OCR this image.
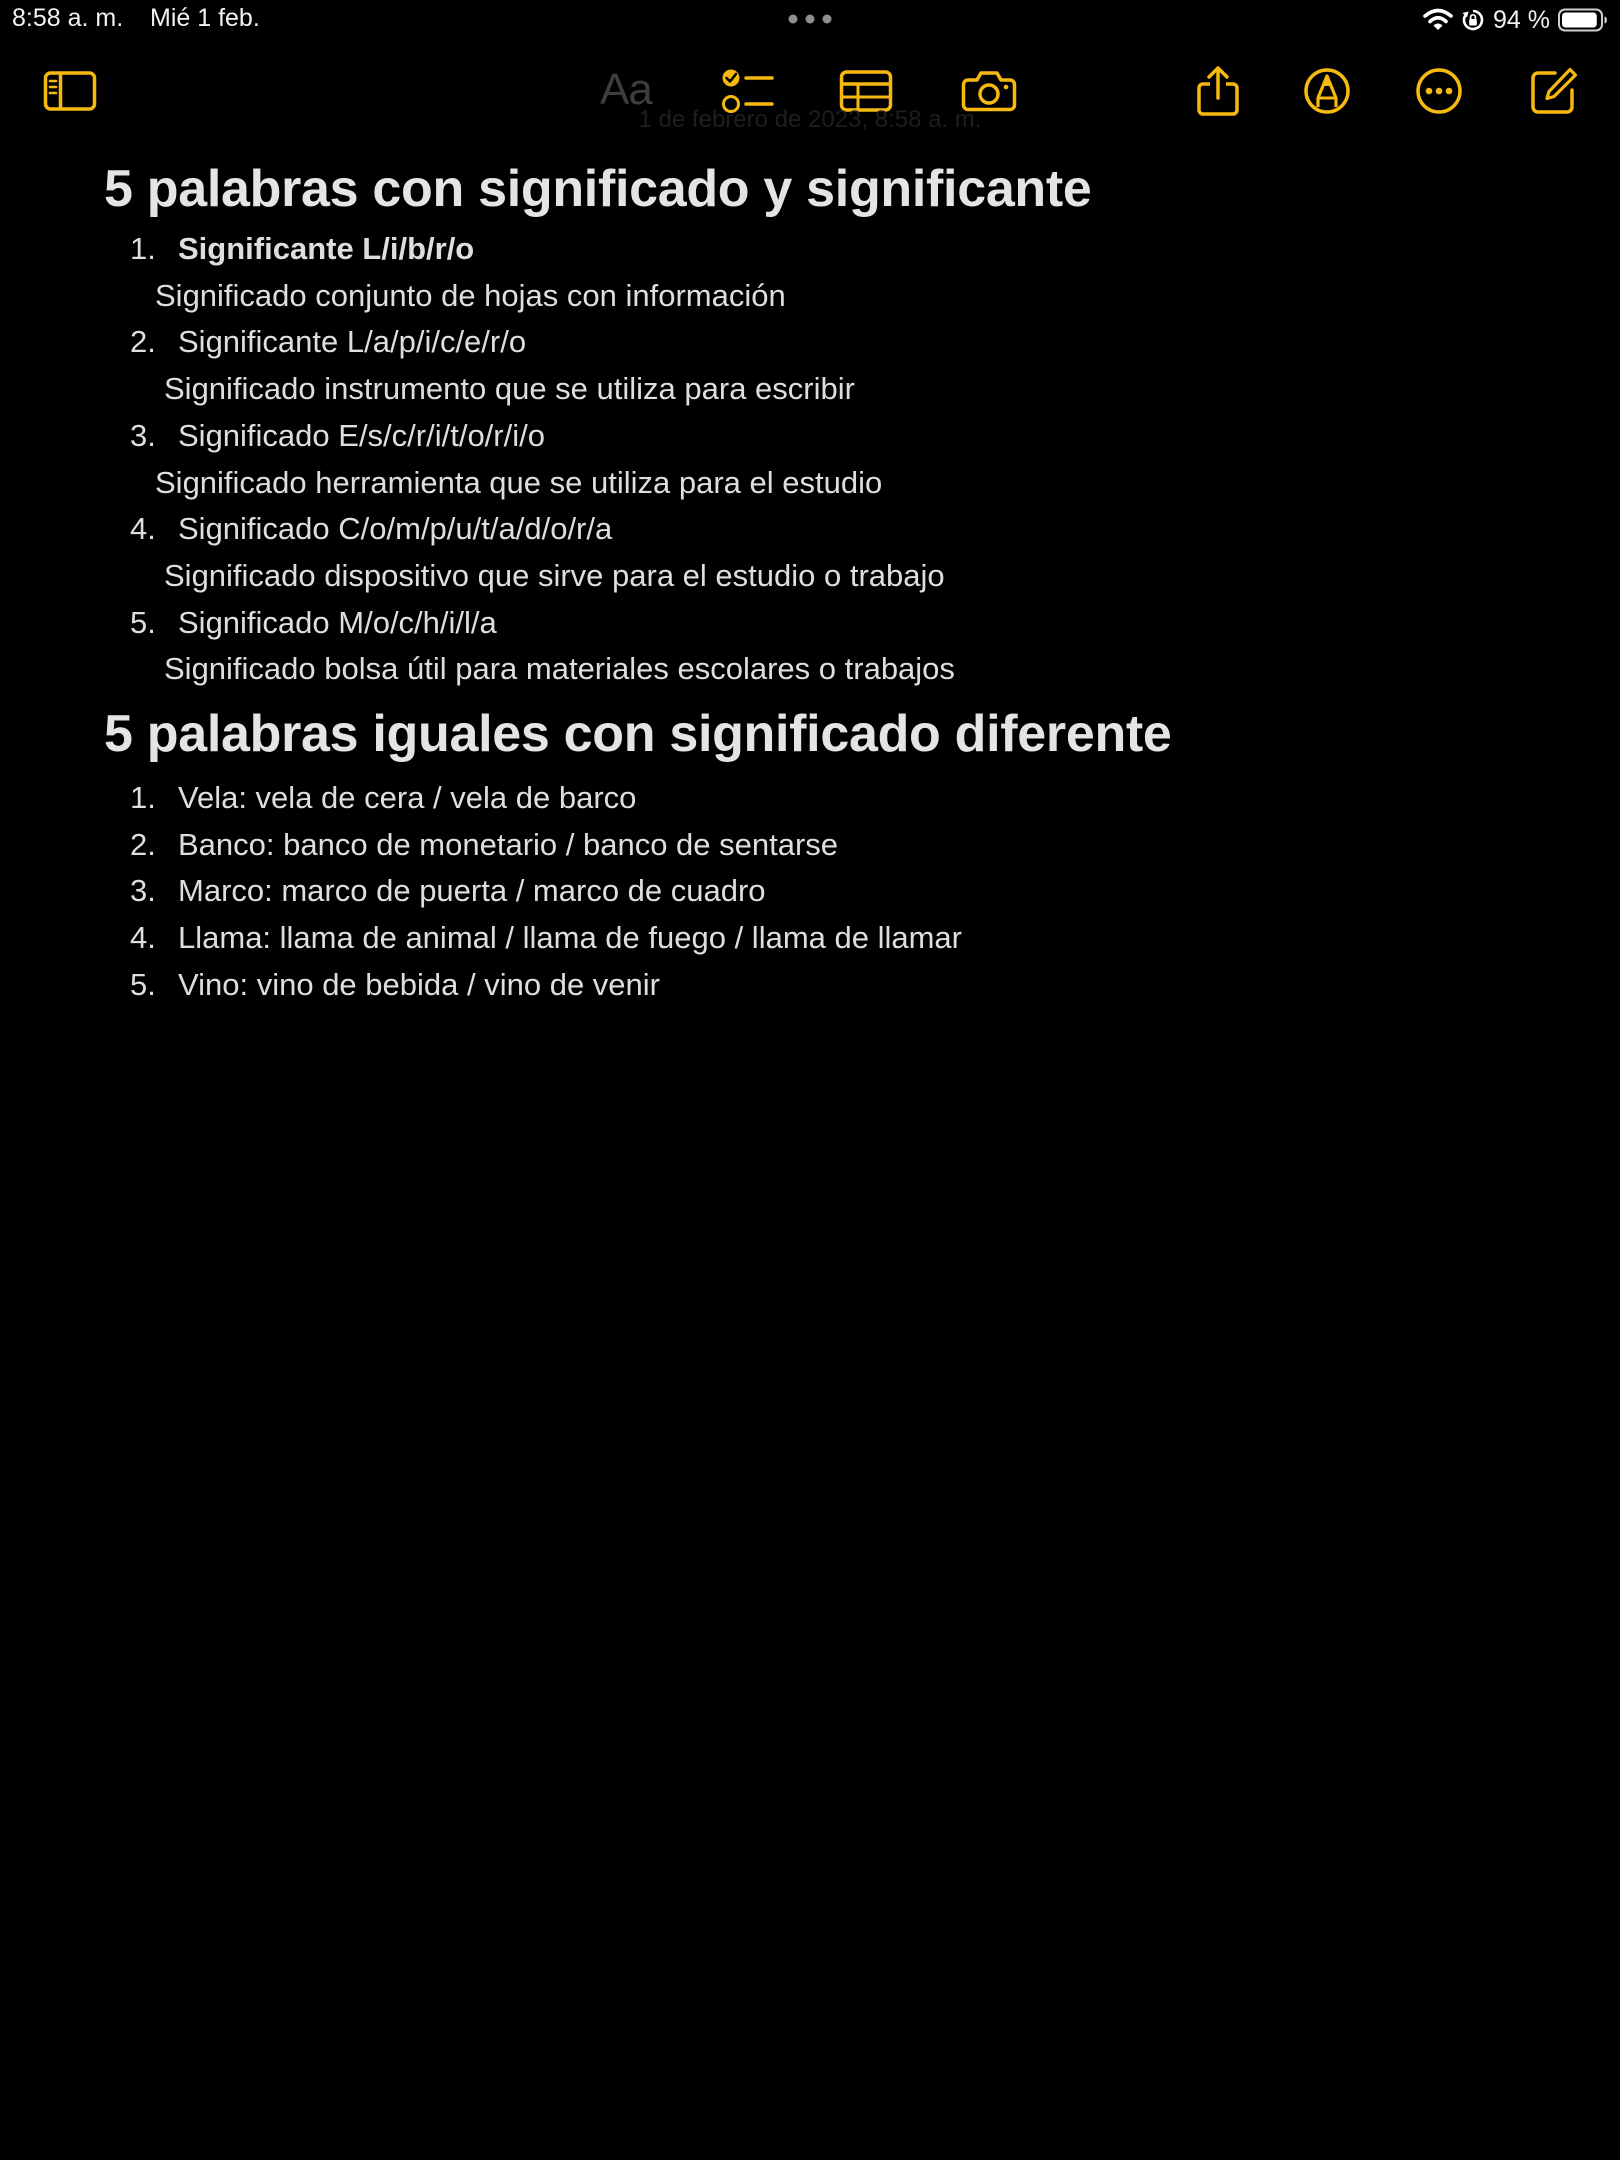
8:58 a. m. Mié 1 feb.	94 %
Aa
1 de febrero de 2023, 8:58 a. m.
5 palabras con significado y significante
1. Significante L/i/b/r/o
Significado conjunto de hojas con información
2. Significante L/a/p/i/c/e/r/o
Significado instrumento que se utiliza para escribir
3. Significado E/s/c/r/i/t/o/r/i/o
Significado herramienta que se utiliza para el estudio
4. Significado C/o/m/p/u/t/a/d/o/r/a
Significado dispositivo que sirve para el estudio o trabajo
5. Significado M/o/c/h/i/l/a
Significado bolsa útil para materiales escolares o trabajos
5 palabras iguales con significado diferente
1. Vela: vela de cera / vela de barco
2. Banco: banco de monetario / banco de sentarse
3. Marco: marco de puerta / marco de cuadro
4. Llama: llama de animal / llama de fuego / llama de llamar
5. Vino: vino de bebida / vino de venir
